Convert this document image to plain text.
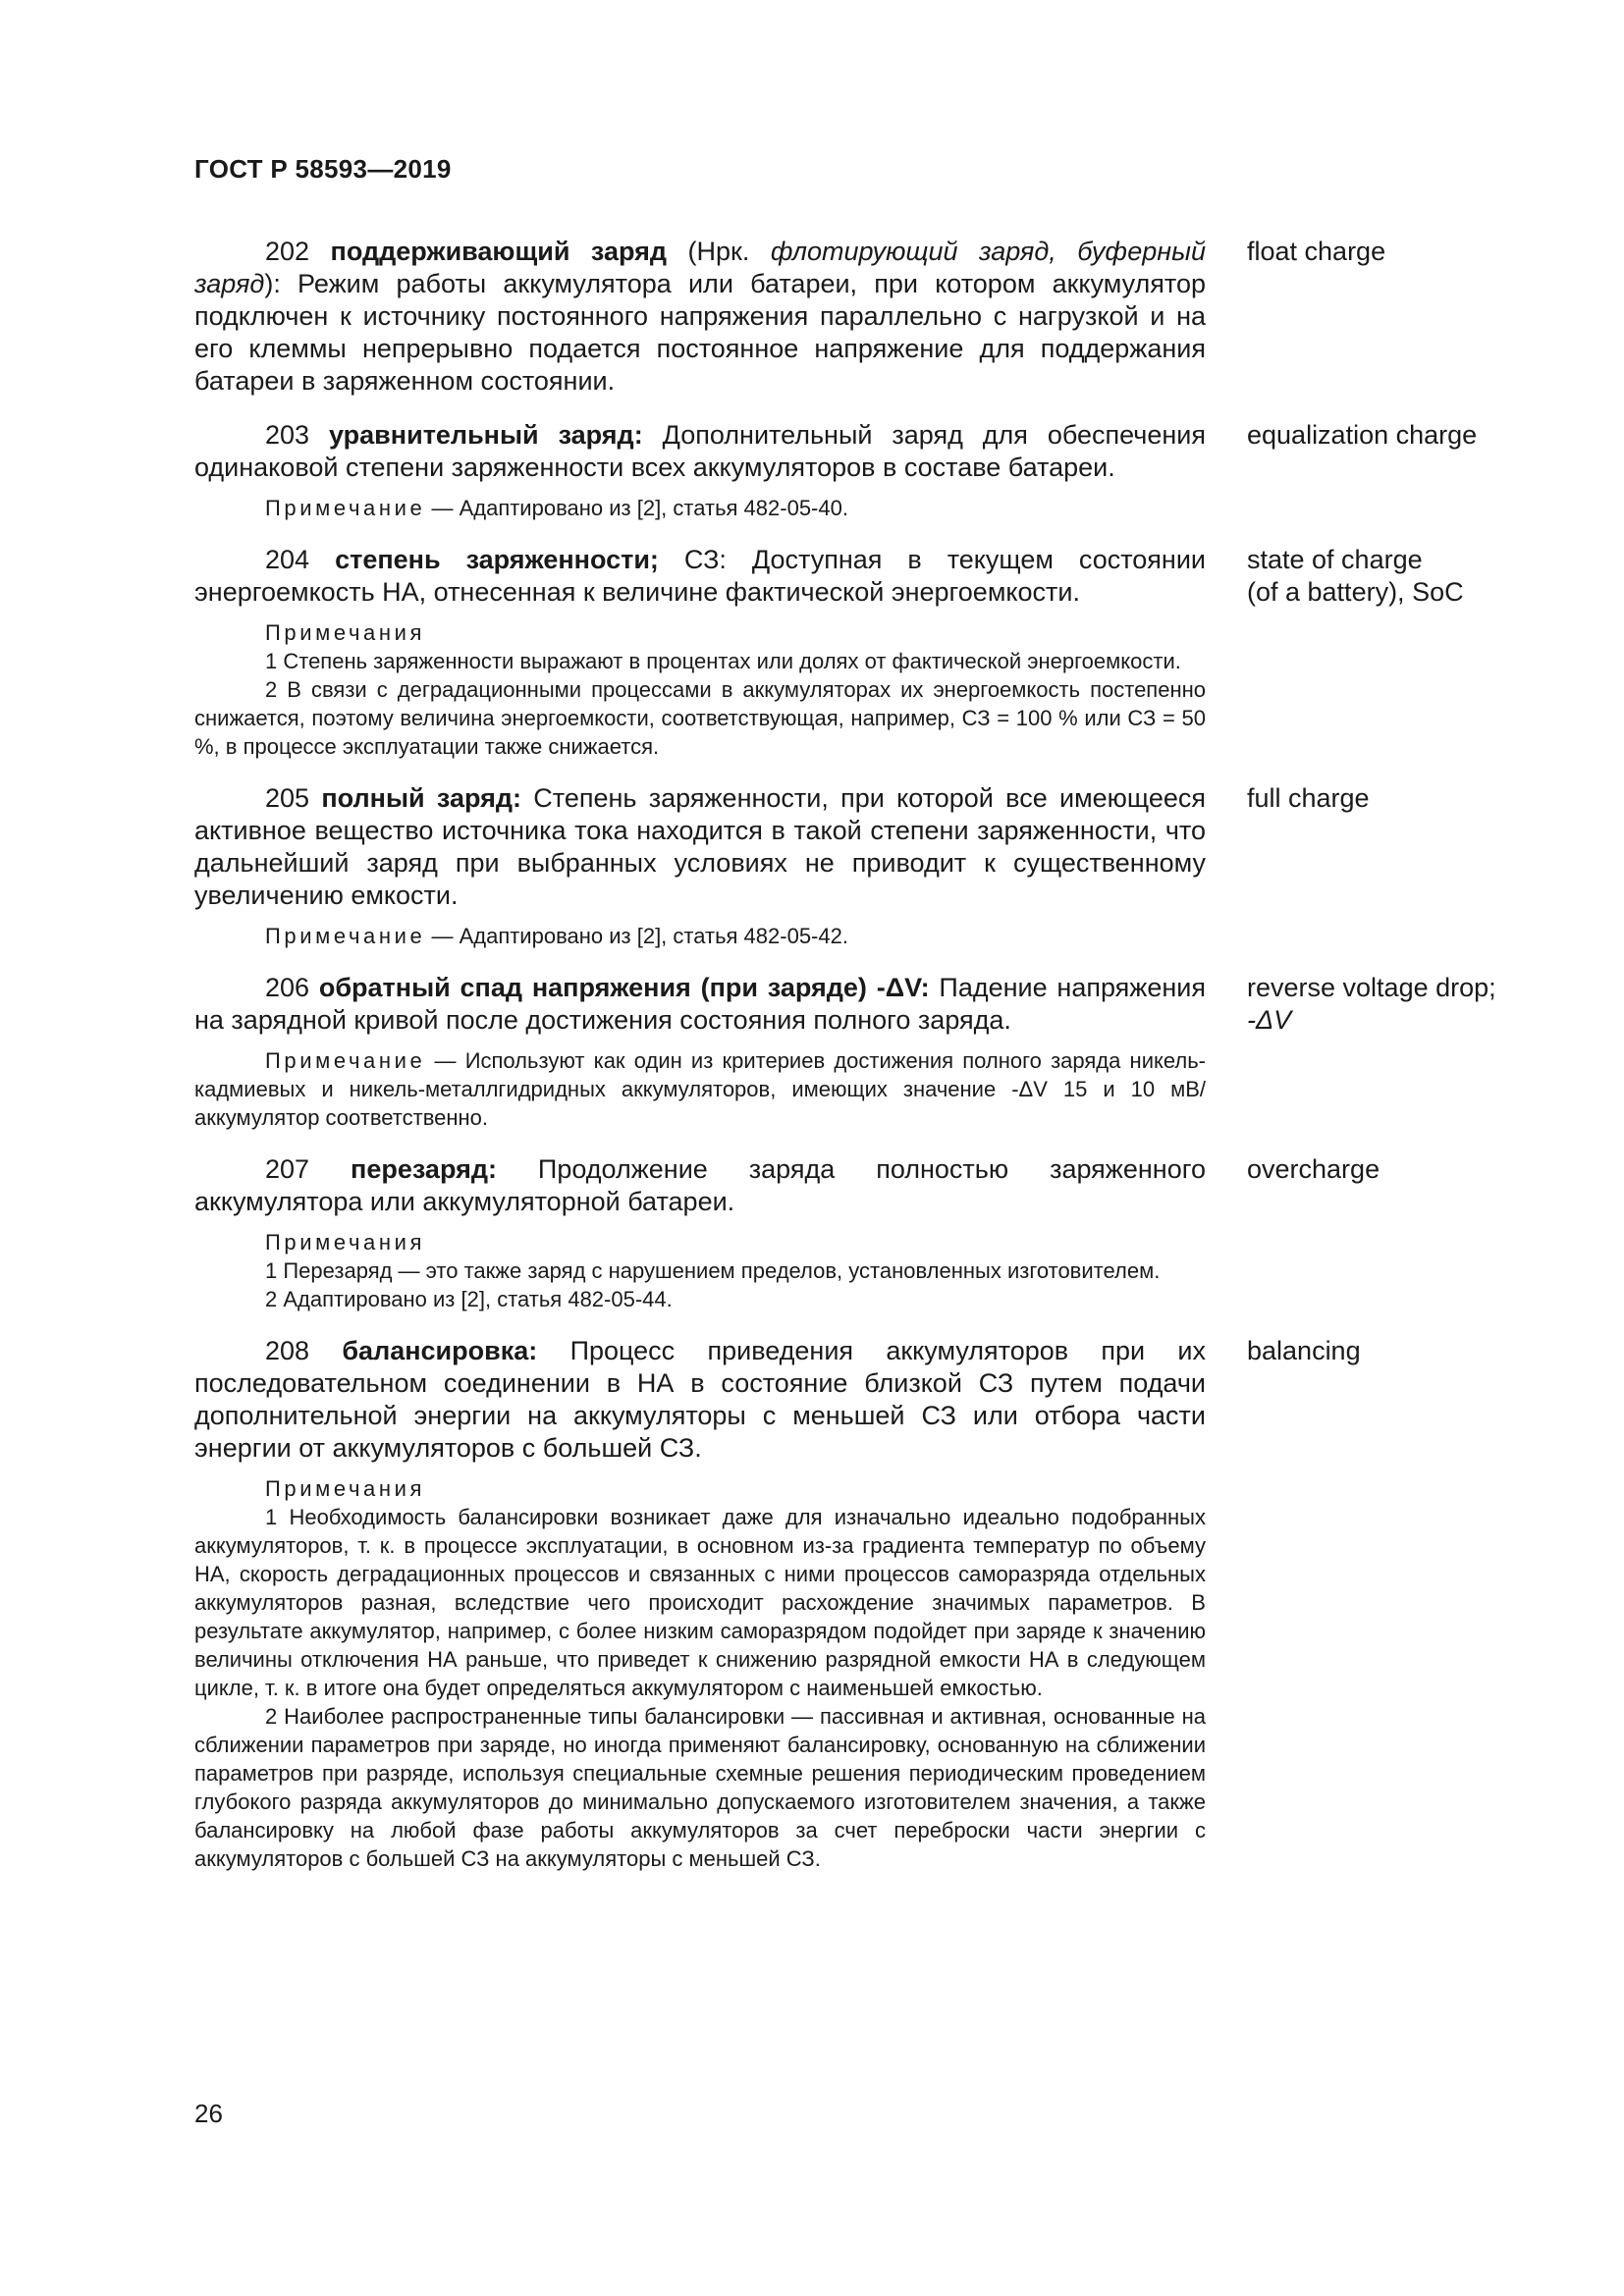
ГОСТ Р 58593—2019

202 поддерживающий заряд (Нрк. флотирующий заряд, буферный заряд): Режим работы аккумулятора или батареи, при котором аккумулятор подключен к источнику постоянного напряжения параллельно с нагрузкой и на его клеммы непрерывно подается постоянное напряжение для поддержания батареи в заряженном состоянии.

float charge

203 уравнительный заряд: Дополнительный заряд для обеспечения одинаковой степени заряженности всех аккумуляторов в составе батареи.

Примечание — Адаптировано из [2], статья 482-05-40.

equalization charge

204 степень заряженности; СЗ: Доступная в текущем состоянии энергоемкость НА, отнесенная к величине фактической энергоемкости.

Примечания

1 Степень заряженности выражают в процентах или долях от фактической энергоемкости.

2 В связи с деградационными процессами в аккумуляторах их энергоемкость постепенно снижается, поэтому величина энергоемкости, соответствующая, например, СЗ = 100 % или СЗ = 50 %, в процессе эксплуатации также снижается.

state of charge
(of a battery), SoC

205 полный заряд: Степень заряженности, при которой все имеющееся активное вещество источника тока находится в такой степени заряженности, что дальнейший заряд при выбранных условиях не приводит к существенному увеличению емкости.

Примечание — Адаптировано из [2], статья 482-05-42.

full charge

206 обратный спад напряжения (при заряде) -ΔV: Падение напряжения на зарядной кривой после достижения состояния полного заряда.

Примечание — Используют как один из критериев достижения полного заряда никель-кадмиевых и никель-металлгидридных аккумуляторов, имеющих значение -ΔV 15 и 10 мВ/аккумулятор соответственно.

reverse voltage drop;
-ΔV

207 перезаряд: Продолжение заряда полностью заряженного аккумулятора или аккумуляторной батареи.

Примечания

1 Перезаряд — это также заряд с нарушением пределов, установленных изготовителем.

2 Адаптировано из [2], статья 482-05-44.

overcharge

208 балансировка: Процесс приведения аккумуляторов при их последовательном соединении в НА в состояние близкой СЗ путем подачи дополнительной энергии на аккумуляторы с меньшей СЗ или отбора части энергии от аккумуляторов с большей СЗ.

Примечания

1 Необходимость балансировки возникает даже для изначально идеально подобранных аккумуляторов, т. к. в процессе эксплуатации, в основном из-за градиента температур по объему НА, скорость деградационных процессов и связанных с ними процессов саморазряда отдельных аккумуляторов разная, вследствие чего происходит расхождение значимых параметров. В результате аккумулятор, например, с более низким саморазрядом подойдет при заряде к значению величины отключения НА раньше, что приведет к снижению разрядной емкости НА в следующем цикле, т. к. в итоге она будет определяться аккумулятором с наименьшей емкостью.

2 Наиболее распространенные типы балансировки — пассивная и активная, основанные на сближении параметров при заряде, но иногда применяют балансировку, основанную на сближении параметров при разряде, используя специальные схемные решения периодическим проведением глубокого разряда аккумуляторов до минимально допускаемого изготовителем значения, а также балансировку на любой фазе работы аккумуляторов за счет переброски части энергии с аккумуляторов с большей СЗ на аккумуляторы с меньшей СЗ.

balancing
26
